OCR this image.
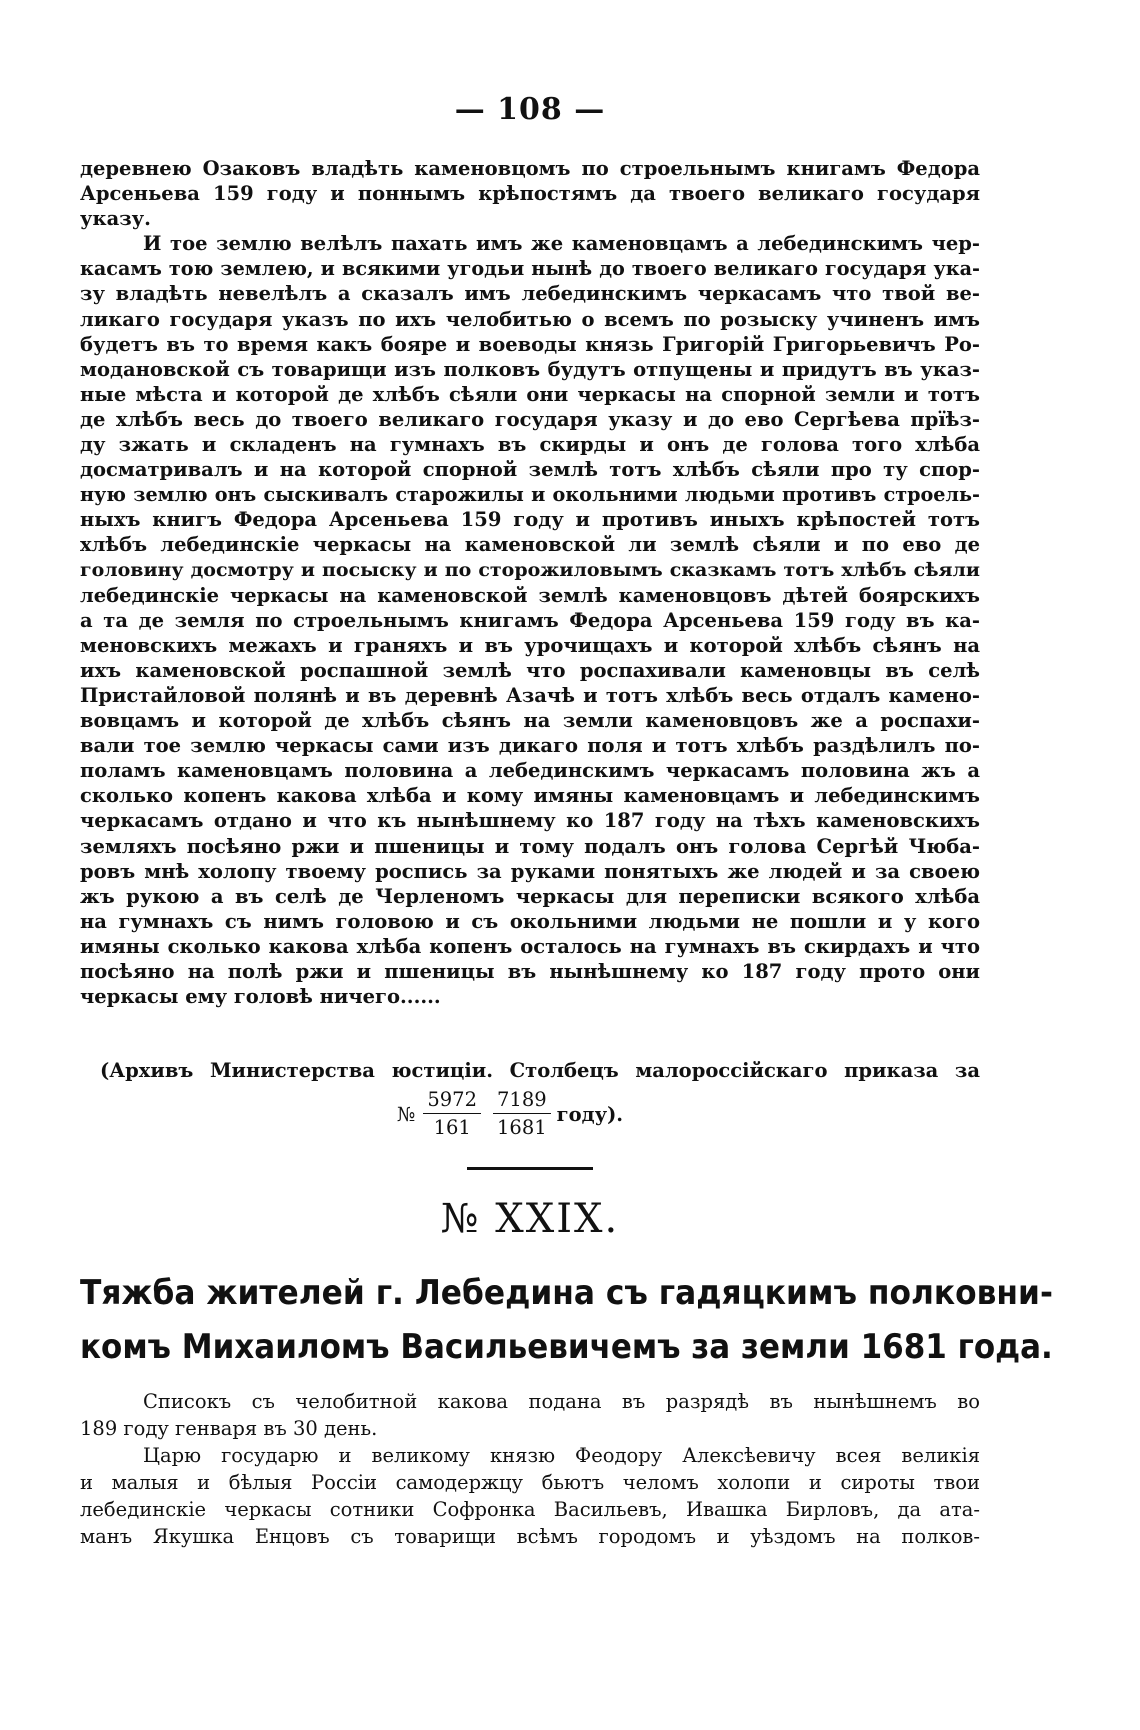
— 108 —
деревнею Озаковъ владѣть каменовцомъ по строельнымъ книгамъ Федора
Арсеньева 159 году и поннымъ крѣпостямъ да твоего великаго государя
указу.
И тое землю велѣлъ пахать имъ же каменовцамъ а лебединскимъ чер-
касамъ тою землею, и всякими угодьи нынѣ до твоего великаго государя ука-
зу владѣть невелѣлъ а сказалъ имъ лебединскимъ черкасамъ что твой ве-
ликаго государя указъ по ихъ челобитью о всемъ по розыску учиненъ имъ
будетъ въ то время какъ бояре и воеводы князь Григорій Григорьевичъ Ро-
модановской съ товарищи изъ полковъ будутъ отпущены и придутъ въ указ-
ные мѣста и которой де хлѣбъ сѣяли они черкасы на спорной земли и тотъ
де хлѣбъ весь до твоего великаго государя указу и до ево Сергѣева прїѣз-
ду зжать и складенъ на гумнахъ въ скирды и онъ де голова того хлѣба
досматривалъ и на которой спорной землѣ тотъ хлѣбъ сѣяли про ту спор-
ную землю онъ сыскивалъ старожилы и окольними людьми противъ строель-
ныхъ книгъ Федора Арсеньева 159 году и противъ иныхъ крѣпостей тотъ
хлѣбъ лебединскіе черкасы на каменовской ли землѣ сѣяли и по ево де
головину досмотру и посыску и по сторожиловымъ сказкамъ тотъ хлѣбъ сѣяли
лебединскіе черкасы на каменовской землѣ каменовцовъ дѣтей боярскихъ
а та де земля по строельнымъ книгамъ Федора Арсеньева 159 году въ ка-
меновскихъ межахъ и граняхъ и въ урочищахъ и которой хлѣбъ сѣянъ на
ихъ каменовской роспашной землѣ что роспахивали каменовцы въ селѣ
Пристайловой полянѣ и въ деревнѣ Азачѣ и тотъ хлѣбъ весь отдалъ камено-
вовцамъ и которой де хлѣбъ сѣянъ на земли каменовцовъ же а роспахи-
вали тое землю черкасы сами изъ дикаго поля и тотъ хлѣбъ раздѣлилъ по-
поламъ каменовцамъ половина а лебединскимъ черкасамъ половина жъ а
сколько копенъ какова хлѣба и кому имяны каменовцамъ и лебединскимъ
черкасамъ отдано и что къ нынѣшнему ко 187 году на тѣхъ каменовскихъ
земляхъ посѣяно ржи и пшеницы и тому подалъ онъ голова Сергѣй Чюба-
ровъ мнѣ холопу твоему роспись за руками понятыхъ же людей и за своею
жъ рукою а въ селѣ де Черленомъ черкасы для переписки всякого хлѣба
на гумнахъ съ нимъ головою и съ окольними людьми не пошли и у кого
имяны сколько какова хлѣба копенъ осталось на гумнахъ въ скирдахъ и что
посѣяно на полѣ ржи и пшеницы въ нынѣшнему ко 187 году прото они
черкасы ему головѣ ничего......
(Архивъ Министерства юстиціи. Столбецъ малороссійскаго приказа за
№ $\frac{5972}{161} \frac{7189}{1681}$ году).
№ XXIX.
Тяжба жителей г. Лебедина съ гадяцкимъ полковни-
комъ Михаиломъ Васильевичемъ за земли 1681 года.
Списокъ съ челобитной какова подана въ разрядѣ въ нынѣшнемъ во
189 году генваря въ 30 день.
Царю государю и великому князю Феодору Алексѣевичу всея великія
и малыя и бѣлыя Россіи самодержцу бьютъ челомъ холопи и сироты твои
лебединскіе черкасы сотники Софронка Васильевъ, Ивашка Бирловъ, да ата-
манъ Якушка Енцовъ съ товарищи всѣмъ городомъ и уѣздомъ на полков-
